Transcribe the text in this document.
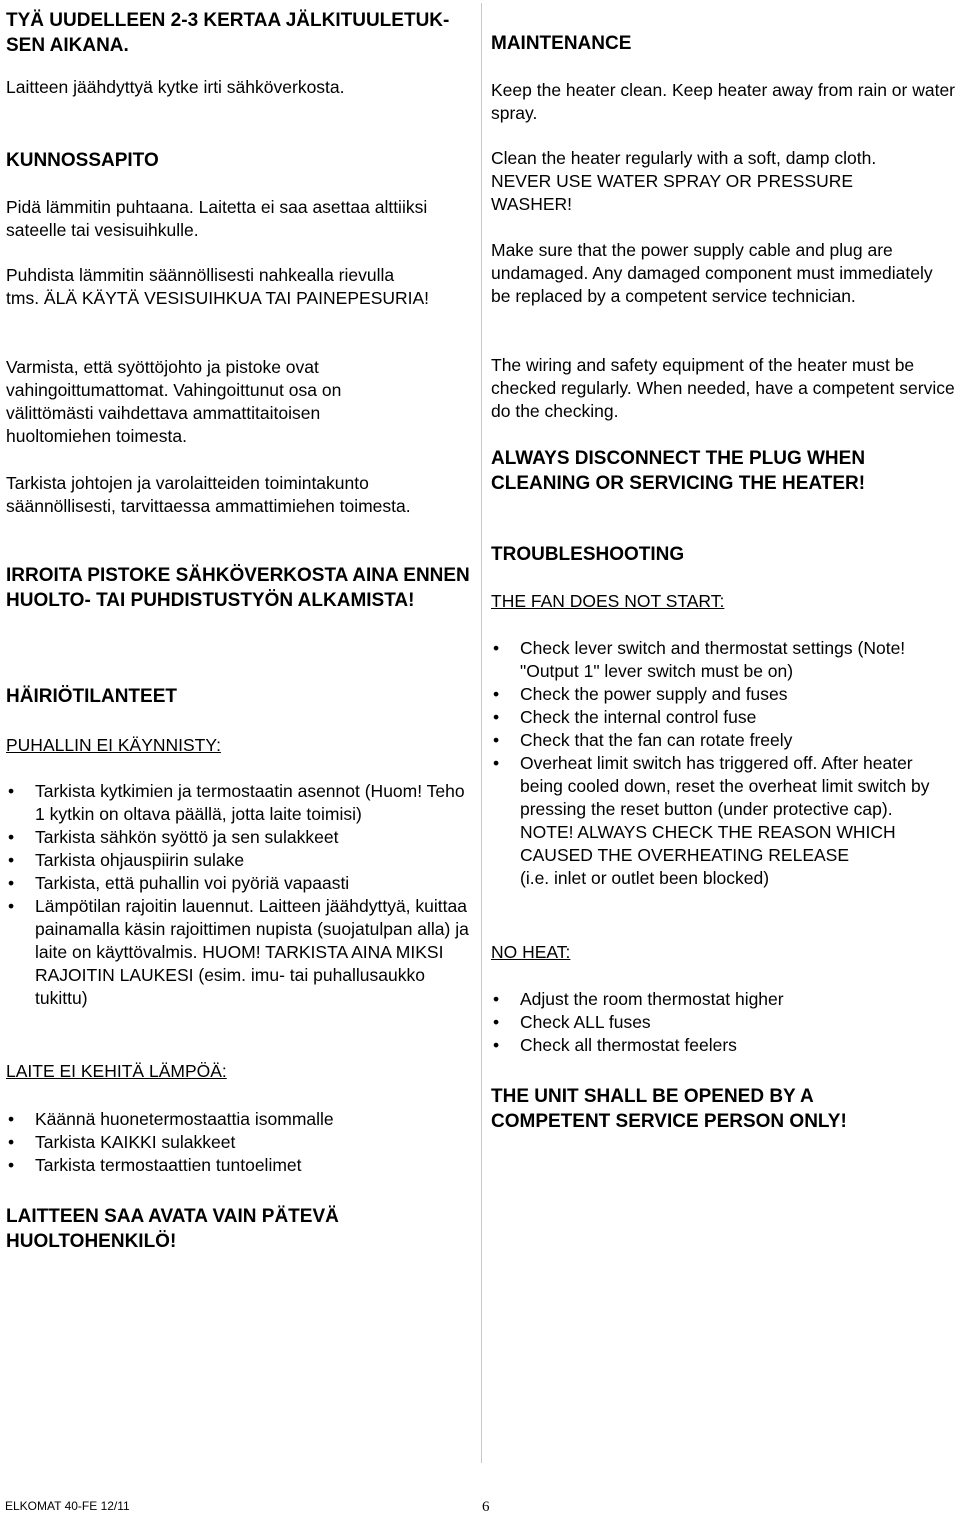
TYÄ UUDELLEEN 2-3 KERTAA JÄLKITUULETUK-SEN AIKANA.

Laitteen jäähdyttyä kytke irti sähköverkosta.

KUNNOSSAPITO

Pidä lämmitin puhtaana. Laitetta ei saa asettaa alttiiksi sateelle tai vesisuihkulle.

Puhdista lämmitin säännöllisesti nahkealla rievulla tms. ÄLÄ KÄYTÄ VESISUIHKUA TAI PAINEPESURIA!

Varmista, että syöttöjohto ja pistoke ovat vahingoittumattomat. Vahingoittunut osa on välittömästi vaihdettava ammattitaitoisen huoltomiehen toimesta.

Tarkista johtojen ja varolaitteiden toimintakunto säännöllisesti, tarvittaessa ammattimiehen toimesta.

IRROITA PISTOKE SÄHKÖVERKOSTA AINA ENNEN HUOLTO- TAI PUHDISTUSTYÖN ALKAMISTA!

HÄIRIÖTILANTEET

PUHALLIN EI KÄYNNISTY:

• Tarkista kytkimien ja termostaatin asennot (Huom! Teho 1 kytkin on oltava päällä, jotta laite toimisi)
• Tarkista sähkön syöttö ja sen sulakkeet
• Tarkista ohjauspiirin sulake
• Tarkista, että puhallin voi pyöriä vapaasti
• Lämpötilan rajoitin lauennut. Laitteen jäähdyttyä, kuittaa painamalla käsin rajoittimen nupista (suojatulpan alla) ja laite on käyttövalmis. HUOM! TARKISTA AINA MIKSI RAJOITIN LAUKESI (esim. imu- tai puhallusaukko tukittu)

LAITE EI KEHITÄ LÄMPÖÄ:

• Käännä huonetermostaattia isommalle
• Tarkista KAIKKI sulakkeet
• Tarkista termostaattien tuntoelimet

LAITTEEN SAA AVATA VAIN PÄTEVÄ HUOLTOHENKILÖ!

MAINTENANCE

Keep the heater clean. Keep heater away from rain or water spray.

Clean the heater regularly with a soft, damp cloth.

NEVER USE WATER SPRAY OR PRESSURE WASHER!

Make sure that the power supply cable and plug are undamaged. Any damaged component must immediately be replaced by a competent service technician.

The wiring and safety equipment of the heater must be checked regularly. When needed, have a competent service do the checking.

ALWAYS DISCONNECT THE PLUG WHEN CLEANING OR SERVICING THE HEATER!

TROUBLESHOOTING

THE FAN DOES NOT START:

• Check lever switch and thermostat settings (Note! "Output 1" lever switch must be on)
• Check the power supply and fuses
• Check the internal control fuse
• Check that the fan can rotate freely
• Overheat limit switch has triggered off. After heater being cooled down, reset the overheat limit switch by pressing the reset button (under protective cap).
NOTE! ALWAYS CHECK THE REASON WHICH CAUSED THE OVERHEATING RELEASE
(i.e. inlet or outlet been blocked)

NO HEAT:

• Adjust the room thermostat higher
• Check ALL fuses
• Check all thermostat feelers

THE UNIT SHALL BE OPENED BY A COMPETENT SERVICE PERSON ONLY!

ELKOMAT 40-FE 12/11	6
